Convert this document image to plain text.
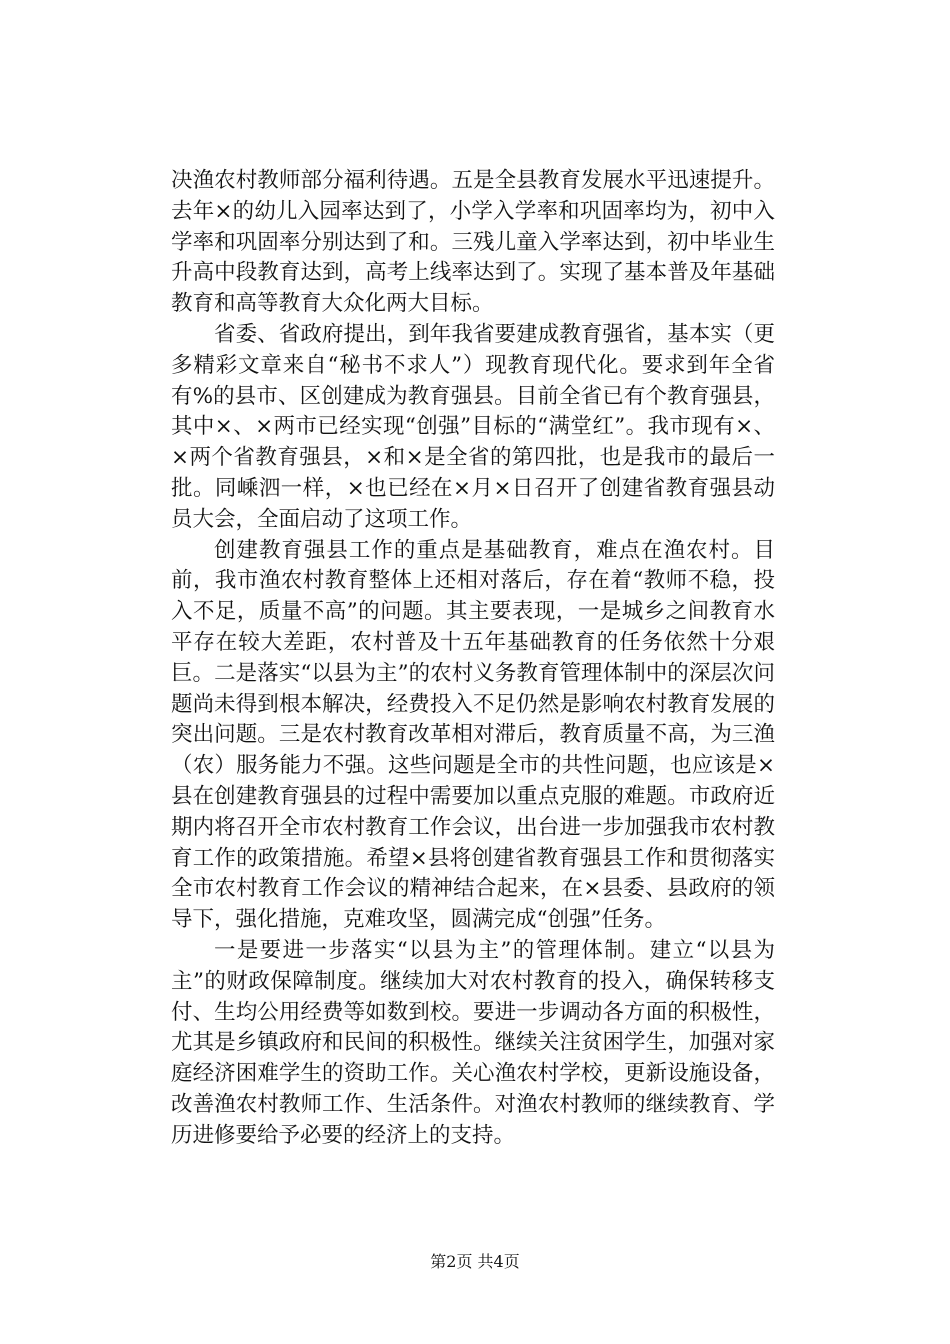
决渔农村教师部分福利待遇。五是全县教育发展水平迅速提升。去年×的幼儿入园率达到了，小学入学率和巩固率均为，初中入学率和巩固率分别达到了和。三残儿童入学率达到，初中毕业生升高中段教育达到，高考上线率达到了。实现了基本普及年基础教育和高等教育大众化两大目标。

省委、省政府提出，到年我省要建成教育强省，基本实（更多精彩文章来自“秘书不求人”）现教育现代化。要求到年全省有%的县市、区创建成为教育强县。目前全省已有个教育强县，其中×、×两市已经实现“创强”目标的“满堂红”。我市现有×、×两个省教育强县，×和×是全省的第四批，也是我市的最后一批。同嵊泗一样，×也已经在×月×日召开了创建省教育强县动员大会，全面启动了这项工作。

创建教育强县工作的重点是基础教育，难点在渔农村。目前，我市渔农村教育整体上还相对落后，存在着“教师不稳，投入不足，质量不高”的问题。其主要表现，一是城乡之间教育水平存在较大差距，农村普及十五年基础教育的任务依然十分艰巨。二是落实“以县为主”的农村义务教育管理体制中的深层次问题尚未得到根本解决，经费投入不足仍然是影响农村教育发展的突出问题。三是农村教育改革相对滞后，教育质量不高，为三渔（农）服务能力不强。这些问题是全市的共性问题，也应该是×县在创建教育强县的过程中需要加以重点克服的难题。市政府近期内将召开全市农村教育工作会议，出台进一步加强我市农村教育工作的政策措施。希望×县将创建省教育强县工作和贯彻落实全市农村教育工作会议的精神结合起来，在×县委、县政府的领导下，强化措施，克难攻坚，圆满完成“创强”任务。

一是要进一步落实“以县为主”的管理体制。建立“以县为主”的财政保障制度。继续加大对农村教育的投入，确保转移支付、生均公用经费等如数到校。要进一步调动各方面的积极性，尤其是乡镇政府和民间的积极性。继续关注贫困学生，加强对家庭经济困难学生的资助工作。关心渔农村学校，更新设施设备，改善渔农村教师工作、生活条件。对渔农村教师的继续教育、学历进修要给予必要的经济上的支持。

第2页 共4页
